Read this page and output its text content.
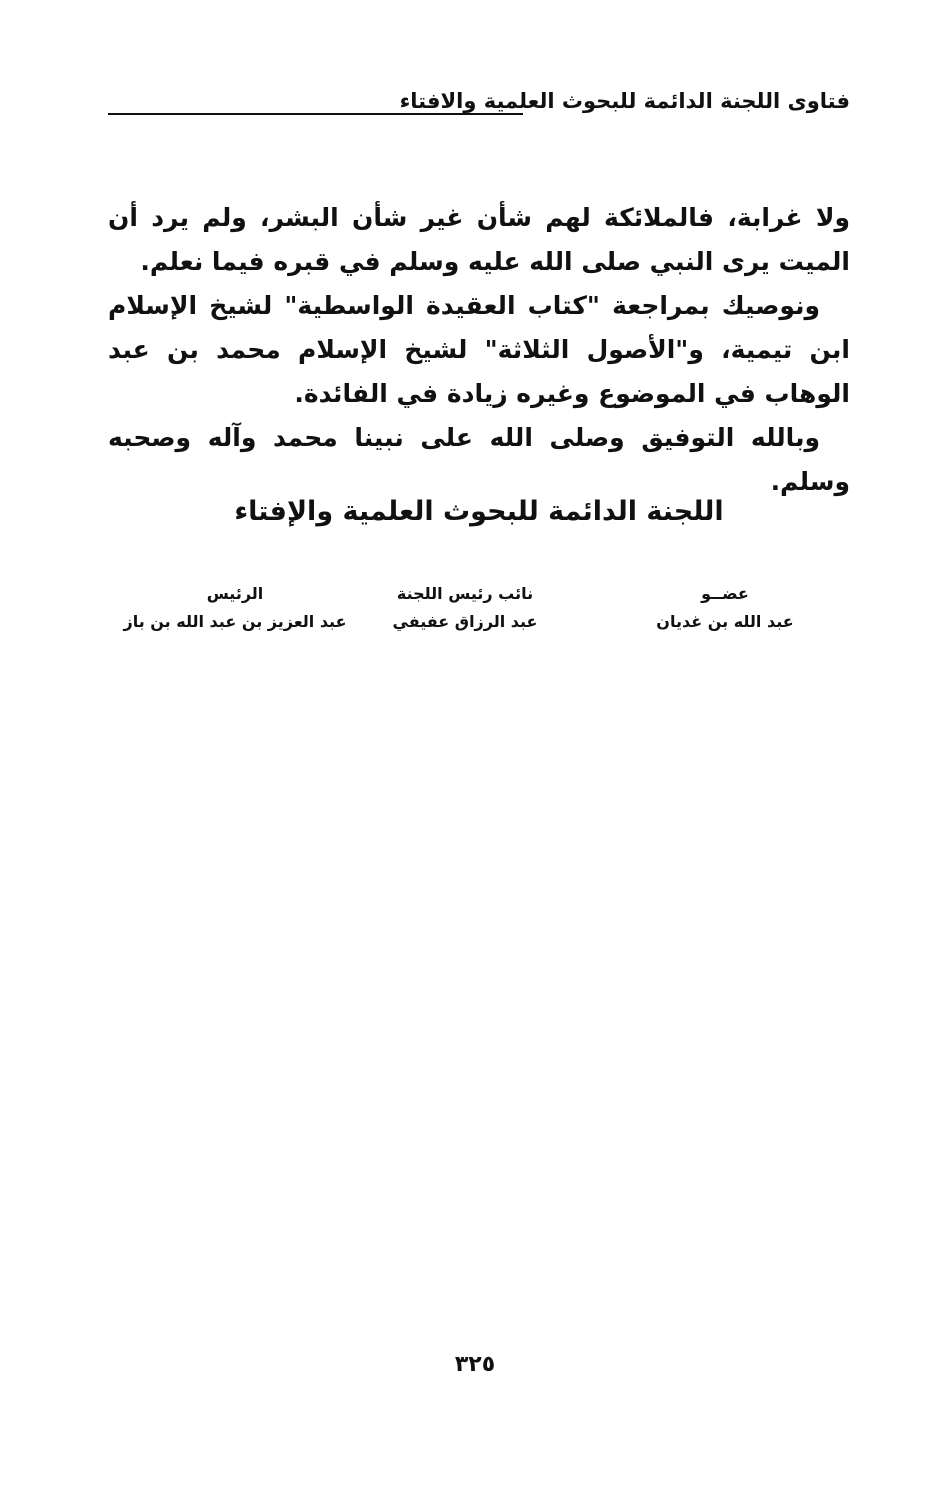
فتاوى اللجنة الدائمة للبحوث العلمية والافتاء

ولا غرابة، فالملائكة لهم شأن غير شأن البشر، ولم يرد أن الميت يرى النبي صلى الله عليه وسلم في قبره فيما نعلم.

ونوصيك بمراجعة "كتاب العقيدة الواسطية" لشيخ الإسلام ابن تيمية، و"الأصول الثلاثة" لشيخ الإسلام محمد بن عبد الوهاب في الموضوع وغيره زيادة في الفائدة.

وبالله التوفيق وصلى الله على نبينا محمد وآله وصحبه وسلم.

اللجنة الدائمة للبحوث العلمية والإفتاء
عضــو
عبد الله بن غديان
نائب رئيس اللجنة
عبد الرزاق عفيفي
الرئيس
عبد العزيز بن عبد الله بن باز
٣٢٥
